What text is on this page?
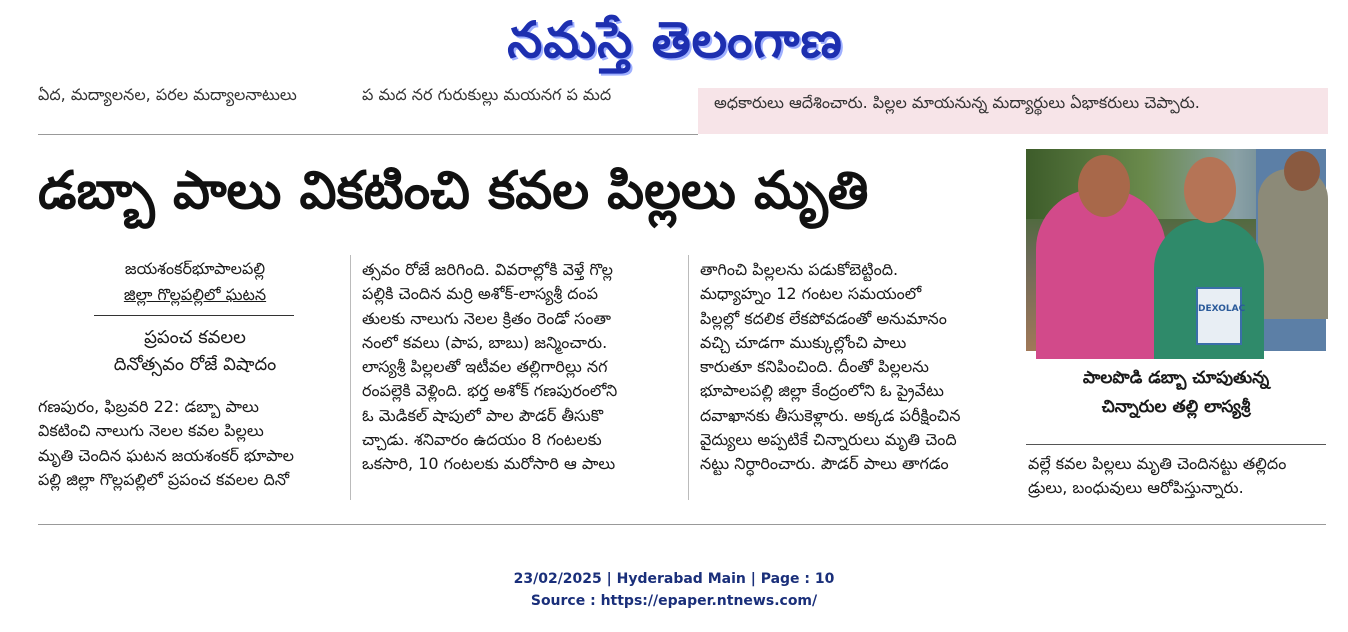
నమస్తే తెలంగాణ
ఏద, మద్యాలనల, పరల మద్యాలనాటులు	ప మద నర గురుకుల్లు మయనగ ప మద	అధకారులు ఆదేశించారు. పిల్లల మాయనున్న మద్యార్థులు ఏభాకరులు చెప్పారు.
డబ్బా పాలు వికటించి కవల పిల్లలు మృతి
జయశంకర్‌భూపాలపల్లి
జిల్లా గొల్లపల్లిలో ఘటన
ప్రపంచ కవలల
దినోత్సవం రోజే విషాదం

గణపురం, ఫిబ్రవరి 22: డబ్బా పాలు

వికటించి నాలుగు నెలల కవల పిల్లలు

మృతి చెందిన ఘటన జయశంకర్ భూపాల

పల్లి జిల్లా గొల్లపల్లిలో ప్రపంచ కవలల దినో

త్సవం రోజే జరిగింది. వివరాల్లోకి వెళ్తే గొల్ల

పల్లికి చెందిన మర్రి అశోక్‌-లాస్యశ్రీ దంప

తులకు నాలుగు నెలల క్రితం రెండో సంతా

నంలో కవలు (పాప, బాబు) జన్మించారు.

లాస్యశ్రీ పిల్లలతో ఇటీవల తల్లిగారిల్లు నగ

రంపల్లెకి వెళ్లింది. భర్త అశోక్ గణపురంలోని

ఓ మెడికల్ షాపులో పాల పౌడర్ తీసుకొ

చ్చాడు. శనివారం ఉదయం 8 గంటలకు

ఒకసారి, 10 గంటలకు మరోసారి ఆ పాలు

తాగించి పిల్లలను పడుకోబెట్టింది.

మధ్యాహ్నం 12 గంటల సమయంలో

పిల్లల్లో కదలిక లేకపోవడంతో అనుమానం

వచ్చి చూడగా ముక్కుల్లోంచి పాలు

కారుతూ కనిపించింది. దీంతో పిల్లలను

భూపాలపల్లి జిల్లా కేంద్రంలోని ఓ ప్రైవేటు

దవాఖానకు తీసుకెళ్లారు. అక్కడ పరీక్షించిన

వైద్యులు అప్పటికే చిన్నారులు మృతి చెంది

నట్టు నిర్ధారించారు. పౌడర్ పాలు తాగడం

DEXOLAC
పాలపొడి డబ్బా చూపుతున్న
చిన్నారుల తల్లి లాస్యశ్రీ

వల్లే కవల పిల్లలు మృతి చెందినట్టు తల్లిదం

డ్రులు, బంధువులు ఆరోపిస్తున్నారు.

23/02/2025 | Hyderabad Main | Page : 10
Source : https://epaper.ntnews.com/
